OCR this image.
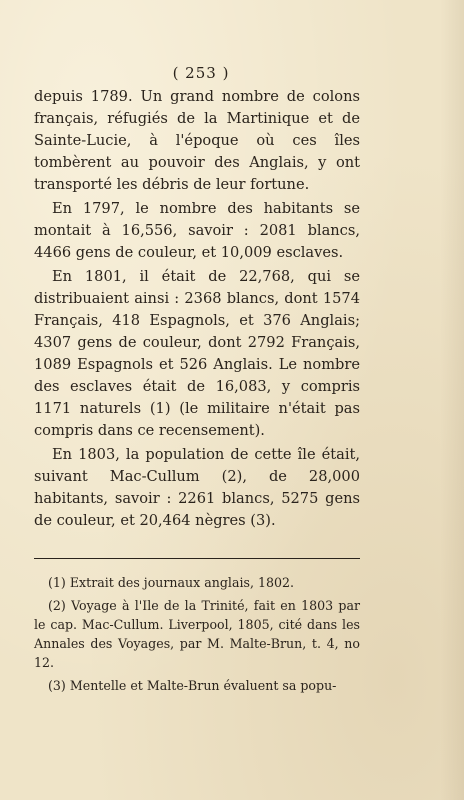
( 253 )

depuis 1789. Un grand nombre de colons français, réfugiés de la Martinique et de Sainte-Lucie, à l'époque où ces îles tombèrent au pouvoir des Anglais, y ont transporté les débris de leur fortune.

En 1797, le nombre des habitants se montait à 16,556, savoir : 2081 blancs, 4466 gens de couleur, et 10,009 esclaves.

En 1801, il était de 22,768, qui se distribuaient ainsi : 2368 blancs, dont 1574 Français, 418 Espagnols, et 376 Anglais; 4307 gens de couleur, dont 2792 Français, 1089 Espagnols et 526 Anglais. Le nombre des esclaves était de 16,083, y compris 1171 naturels (1) (le militaire n'était pas compris dans ce recensement).

En 1803, la population de cette île était, suivant Mac-Cullum (2), de 28,000 habitants, savoir : 2261 blancs, 5275 gens de couleur, et 20,464 nègres (3).

(1) Extrait des journaux anglais, 1802.

(2) Voyage à l'Ile de la Trinité, fait en 1803 par le cap. Mac-Cullum. Liverpool, 1805, cité dans les Annales des Voyages, par M. Malte-Brun, t. 4, no 12.

(3) Mentelle et Malte-Brun évaluent sa popu-
